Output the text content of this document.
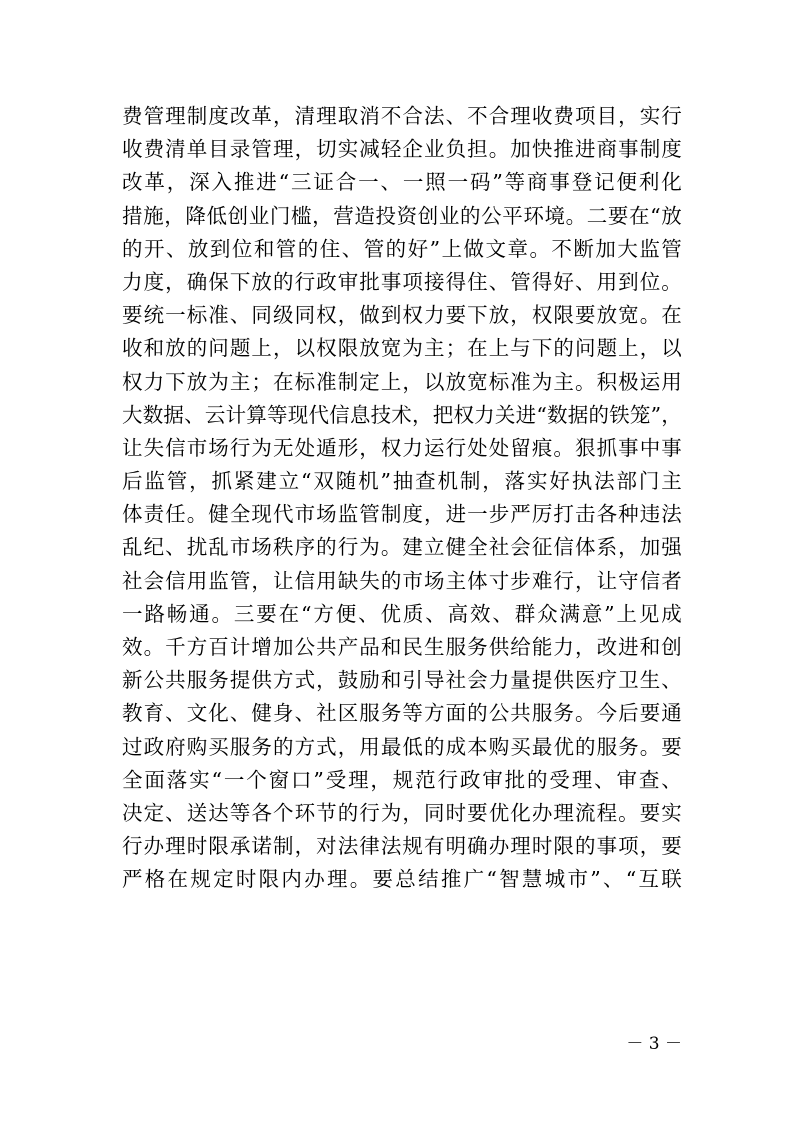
费管理制度改革，清理取消不合法、不合理收费项目，实行
收费清单目录管理，切实减轻企业负担。加快推进商事制度
改革，深入推进“三证合一、一照一码”等商事登记便利化
措施，降低创业门槛，营造投资创业的公平环境。二要在“放
的开、放到位和管的住、管的好”上做文章。不断加大监管
力度，确保下放的行政审批事项接得住、管得好、用到位。
要统一标准、同级同权，做到权力要下放，权限要放宽。在
收和放的问题上，以权限放宽为主；在上与下的问题上，以
权力下放为主；在标准制定上，以放宽标准为主。积极运用
大数据、云计算等现代信息技术，把权力关进“数据的铁笼”，
让失信市场行为无处遁形，权力运行处处留痕。狠抓事中事
后监管，抓紧建立“双随机”抽查机制，落实好执法部门主
体责任。健全现代市场监管制度，进一步严厉打击各种违法
乱纪、扰乱市场秩序的行为。建立健全社会征信体系，加强
社会信用监管，让信用缺失的市场主体寸步难行，让守信者
一路畅通。三要在“方便、优质、高效、群众满意”上见成
效。千方百计增加公共产品和民生服务供给能力，改进和创
新公共服务提供方式，鼓励和引导社会力量提供医疗卫生、
教育、文化、健身、社区服务等方面的公共服务。今后要通
过政府购买服务的方式，用最低的成本购买最优的服务。要
全面落实“一个窗口”受理，规范行政审批的受理、审查、
决定、送达等各个环节的行为，同时要优化办理流程。要实
行办理时限承诺制，对法律法规有明确办理时限的事项，要
严格在规定时限内办理。要总结推广“智慧城市”、“互联
－ 3 －
